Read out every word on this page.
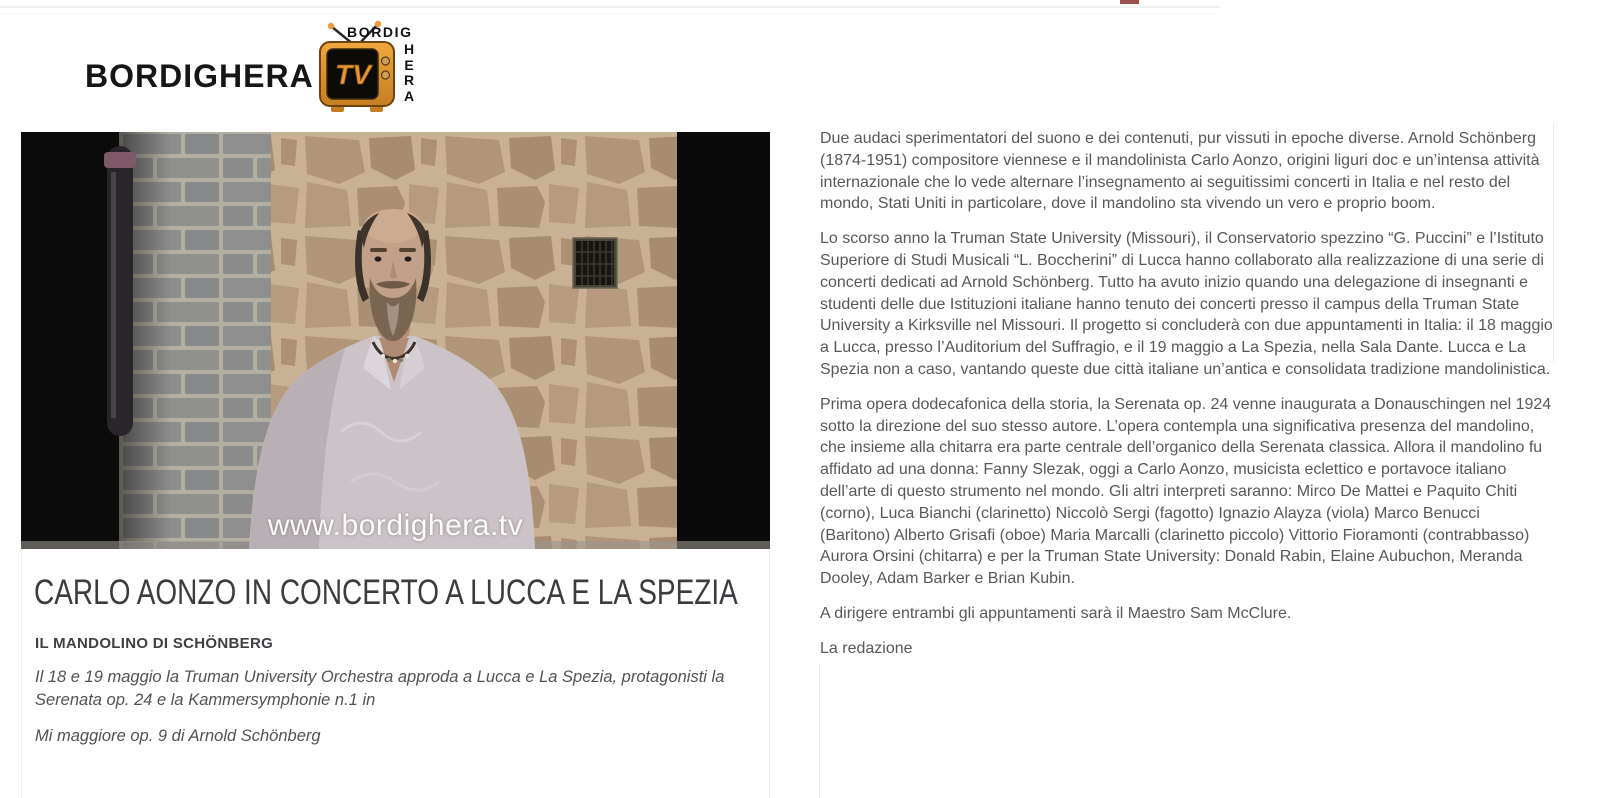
BORDIGHERA TV
BORDIG
H
E
R
A
www.bordighera.tv
CARLO AONZO IN CONCERTO A LUCCA E LA SPEZIA
IL MANDOLINO DI SCHÖNBERG

Il 18 e 19 maggio la Truman University Orchestra approda a Lucca e La Spezia, protagonisti la Serenata op. 24 e la Kammersymphonie n.1 in

Mi maggiore op. 9 di Arnold Schönberg

Due audaci sperimentatori del suono e dei contenuti, pur vissuti in epoche diverse. Arnold Schönberg (1874-1951) compositore viennese e il mandolinista Carlo Aonzo, origini liguri doc e un’intensa attività internazionale che lo vede alternare l’insegnamento ai seguitissimi concerti in Italia e nel resto del mondo, Stati Uniti in particolare, dove il mandolino sta vivendo un vero e proprio boom.

Lo scorso anno la Truman State University (Missouri), il Conservatorio spezzino “G. Puccini” e l’Istituto Superiore di Studi Musicali “L. Boccherini” di Lucca hanno collaborato alla realizzazione di una serie di concerti dedicati ad Arnold Schönberg. Tutto ha avuto inizio quando una delegazione di insegnanti e studenti delle due Istituzioni italiane hanno tenuto dei concerti presso il campus della Truman State University a Kirksville nel Missouri. Il progetto si concluderà con due appuntamenti in Italia: il 18 maggio a Lucca, presso l’Auditorium del Suffragio, e il 19 maggio a La Spezia, nella Sala Dante. Lucca e La Spezia non a caso, vantando queste due città italiane un’antica e consolidata tradizione mandolinistica.

Prima opera dodecafonica della storia, la Serenata op. 24 venne inaugurata a Donauschingen nel 1924 sotto la direzione del suo stesso autore. L’opera contempla una significativa presenza del mandolino, che insieme alla chitarra era parte centrale dell’organico della Serenata classica. Allora il mandolino fu affidato ad una donna: Fanny Slezak, oggi a Carlo Aonzo, musicista eclettico e portavoce italiano dell’arte di questo strumento nel mondo. Gli altri interpreti saranno: Mirco De Mattei e Paquito Chiti (corno), Luca Bianchi (clarinetto) Niccolò Sergi (fagotto) Ignazio Alayza (viola) Marco Benucci (Baritono) Alberto Grisafi (oboe) Maria Marcalli (clarinetto piccolo) Vittorio Fioramonti (contrabbasso) Aurora Orsini (chitarra) e per la Truman State University: Donald Rabin, Elaine Aubuchon, Meranda Dooley, Adam Barker e Brian Kubin.

A dirigere entrambi gli appuntamenti sarà il Maestro Sam McClure.

La redazione
